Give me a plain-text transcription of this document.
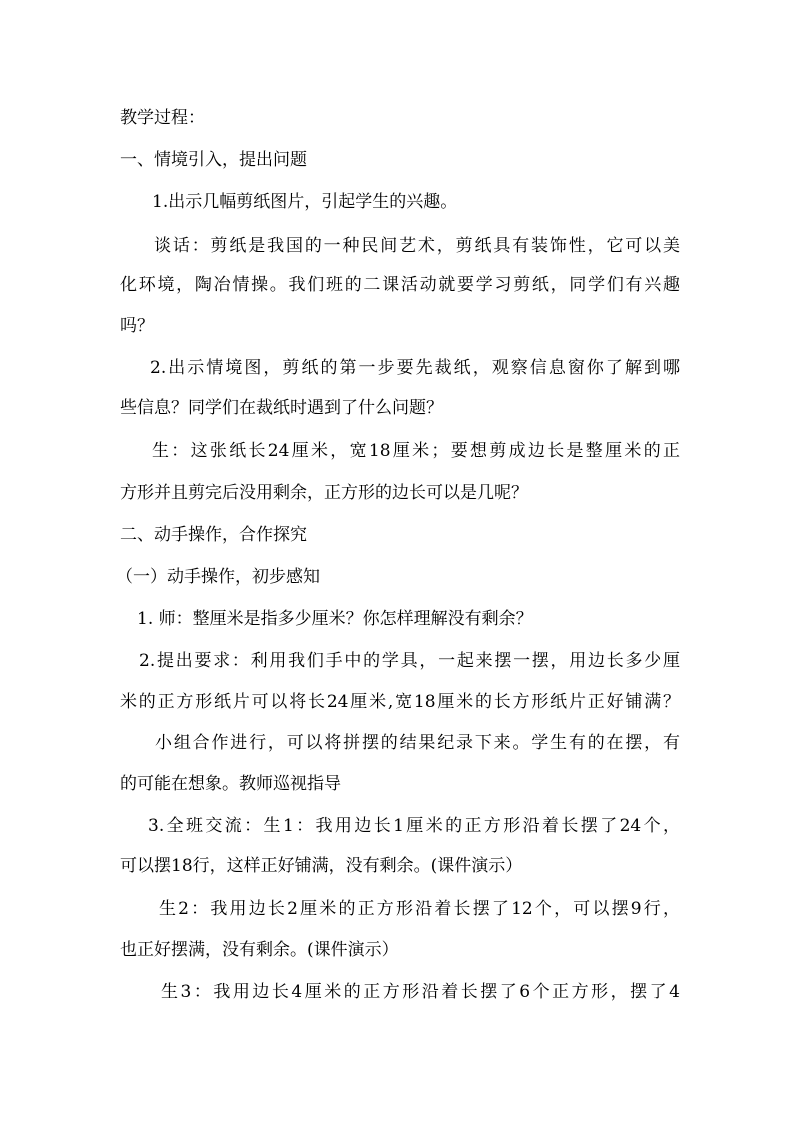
教学过程：
一、情境引入，提出问题
1.出示几幅剪纸图片，引起学生的兴趣。
谈话：剪纸是我国的一种民间艺术，剪纸具有装饰性，它可以美
化环境，陶冶情操。我们班的二课活动就要学习剪纸，同学们有兴趣
吗？
2.出示情境图，剪纸的第一步要先裁纸，观察信息窗你了解到哪
些信息？同学们在裁纸时遇到了什么问题？
生：这张纸长24厘米，宽18厘米；要想剪成边长是整厘米的正
方形并且剪完后没用剩余，正方形的边长可以是几呢？
二、动手操作，合作探究
（一）动手操作，初步感知
1. 师：整厘米是指多少厘米？你怎样理解没有剩余？
2.提出要求：利用我们手中的学具，一起来摆一摆，用边长多少厘
米的正方形纸片可以将长24厘米,宽18厘米的长方形纸片正好铺满？
小组合作进行，可以将拼摆的结果纪录下来。学生有的在摆，有
的可能在想象。教师巡视指导
3.全班交流：生1：我用边长1厘米的正方形沿着长摆了24个，
可以摆18行，这样正好铺满，没有剩余。(课件演示）
生2：我用边长2厘米的正方形沿着长摆了12个，可以摆9行，
也正好摆满，没有剩余。(课件演示）
生3：我用边长4厘米的正方形沿着长摆了6个正方形，摆了4
